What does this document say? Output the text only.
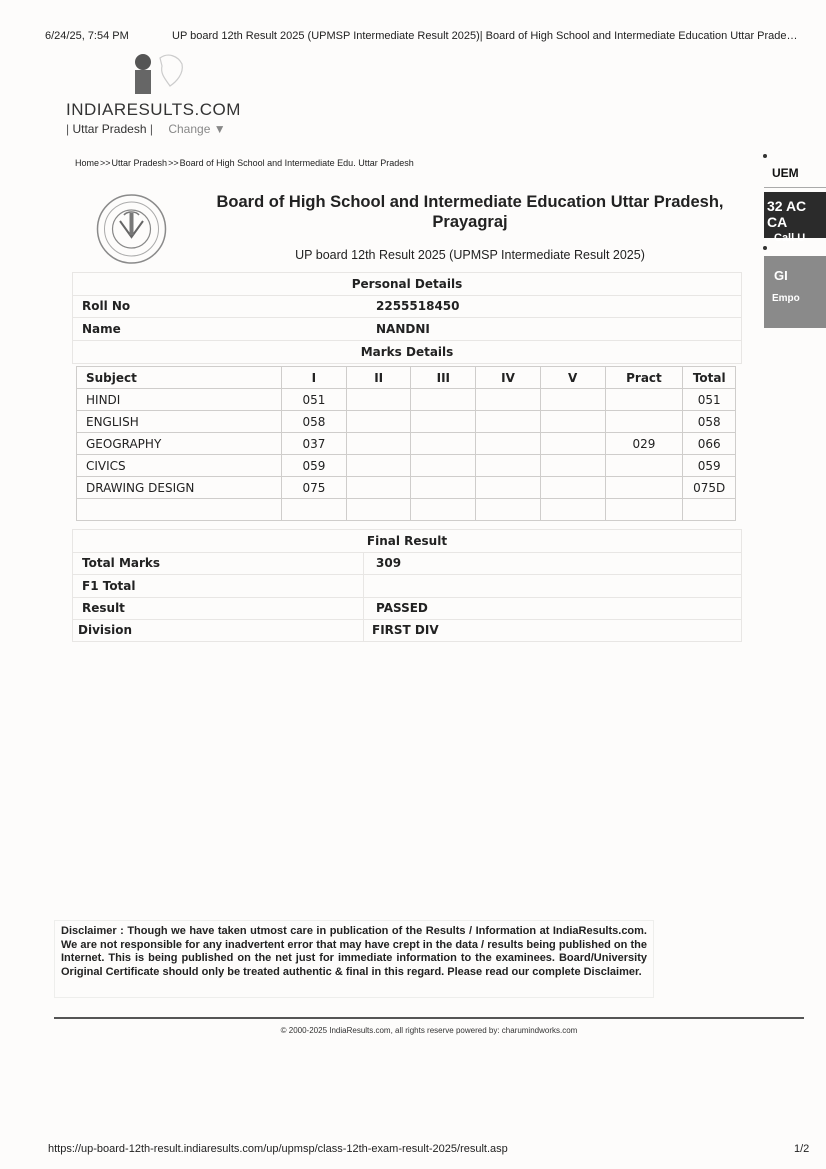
6/24/25, 7:54 PM	UP board 12th Result 2025 (UPMSP Intermediate Result 2025)| Board of High School and Intermediate Education Uttar Prade…
INDIARESULTS.COM
| Uttar Pradesh | Change ▼
Home>>Uttar Pradesh>>Board of High School and Intermediate Edu. Uttar Pradesh
Board of High School and Intermediate Education Uttar Pradesh,
Prayagraj
UP board 12th Result 2025 (UPMSP Intermediate Result 2025)
UEM
32 AC CA
Call U
GI
Empo
Personal Details
Roll No	2255518450
Name	NANDNI
Marks Details
Subject	I	II	III	IV	V	Pract	Total
HINDI	051						051
ENGLISH	058						058
GEOGRAPHY	037					029	066
CIVICS	059						059
DRAWING DESIGN	075						075D

Final Result
Total Marks	309
F1 Total
Result	PASSED
Division	FIRST DIV
Disclaimer : Though we have taken utmost care in publication of the Results / Information at IndiaResults.com. We are not responsible for any inadvertent error that may have crept in the data / results being published on the Internet. This is being published on the net just for immediate information to the examinees. Board/University Original Certificate should only be treated authentic & final in this regard. Please read our complete Disclaimer.
© 2000-2025 IndiaResults.com, all rights reserve powered by: charumindworks.com
https://up-board-12th-result.indiaresults.com/up/upmsp/class-12th-exam-result-2025/result.asp	1/2
